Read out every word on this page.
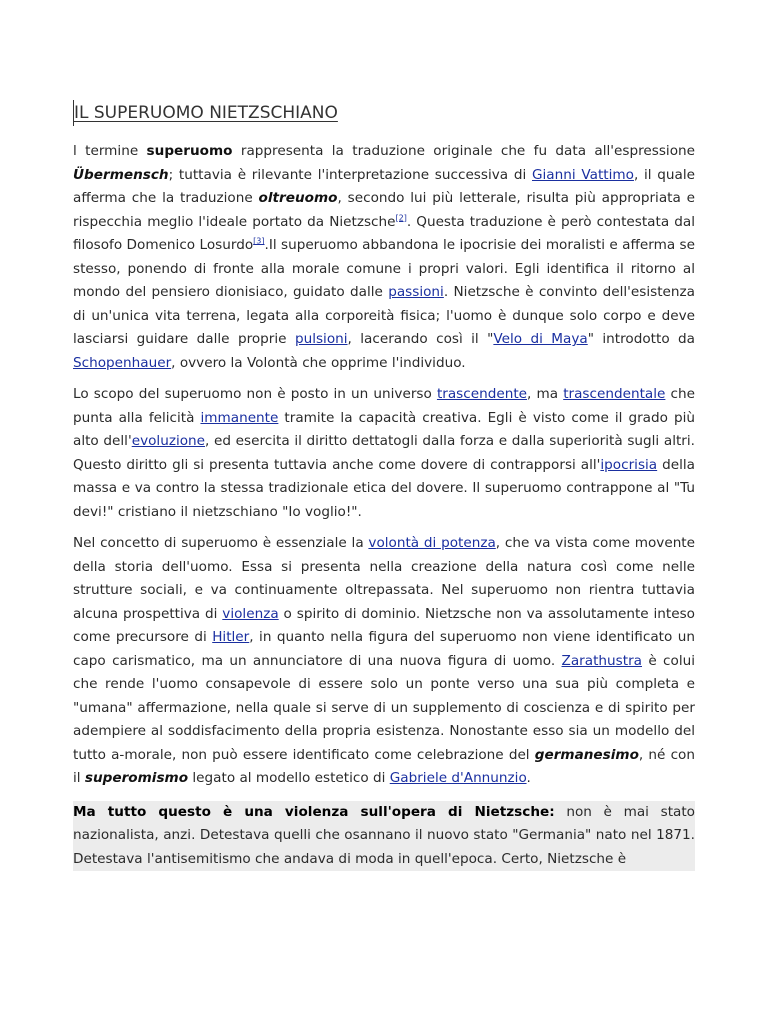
IL SUPERUOMO NIETZSCHIANO

l termine superuomo rappresenta la traduzione originale che fu data all'espressione Übermensch; tuttavia è rilevante l'interpretazione successiva di Gianni Vattimo, il quale afferma che la traduzione oltreuomo, secondo lui più letterale, risulta più appropriata e rispecchia meglio l'ideale portato da Nietzsche[2]. Questa traduzione è però contestata dal filosofo Domenico Losurdo[3].Il superuomo abbandona le ipocrisie dei moralisti e afferma se stesso, ponendo di fronte alla morale comune i propri valori. Egli identifica il ritorno al mondo del pensiero dionisiaco, guidato dalle passioni. Nietzsche è convinto dell'esistenza di un'unica vita terrena, legata alla corporeità fisica; l'uomo è dunque solo corpo e deve lasciarsi guidare dalle proprie pulsioni, lacerando così il "Velo di Maya" introdotto da Schopenhauer, ovvero la Volontà che opprime l'individuo.

Lo scopo del superuomo non è posto in un universo trascendente, ma trascendentale che punta alla felicità immanente tramite la capacità creativa. Egli è visto come il grado più alto dell'evoluzione, ed esercita il diritto dettatogli dalla forza e dalla superiorità sugli altri. Questo diritto gli si presenta tuttavia anche come dovere di contrapporsi all'ipocrisia della massa e va contro la stessa tradizionale etica del dovere. Il superuomo contrappone al "Tu devi!" cristiano il nietzschiano "Io voglio!".

Nel concetto di superuomo è essenziale la volontà di potenza, che va vista come movente della storia dell'uomo. Essa si presenta nella creazione della natura così come nelle strutture sociali, e va continuamente oltrepassata. Nel superuomo non rientra tuttavia alcuna prospettiva di violenza o spirito di dominio. Nietzsche non va assolutamente inteso come precursore di Hitler, in quanto nella figura del superuomo non viene identificato un capo carismatico, ma un annunciatore di una nuova figura di uomo. Zarathustra è colui che rende l'uomo consapevole di essere solo un ponte verso una sua più completa e "umana" affermazione, nella quale si serve di un supplemento di coscienza e di spirito per adempiere al soddisfacimento della propria esistenza. Nonostante esso sia un modello del tutto a-morale, non può essere identificato come celebrazione del germanesimo, né con il superomismo legato al modello estetico di Gabriele d'Annunzio.

Ma tutto questo è una violenza sull'opera di Nietzsche: non è mai stato nazionalista, anzi. Detestava quelli che osannano il nuovo stato "Germania" nato nel 1871. Detestava l'antisemitismo che andava di moda in quell'epoca. Certo, Nietzsche è
